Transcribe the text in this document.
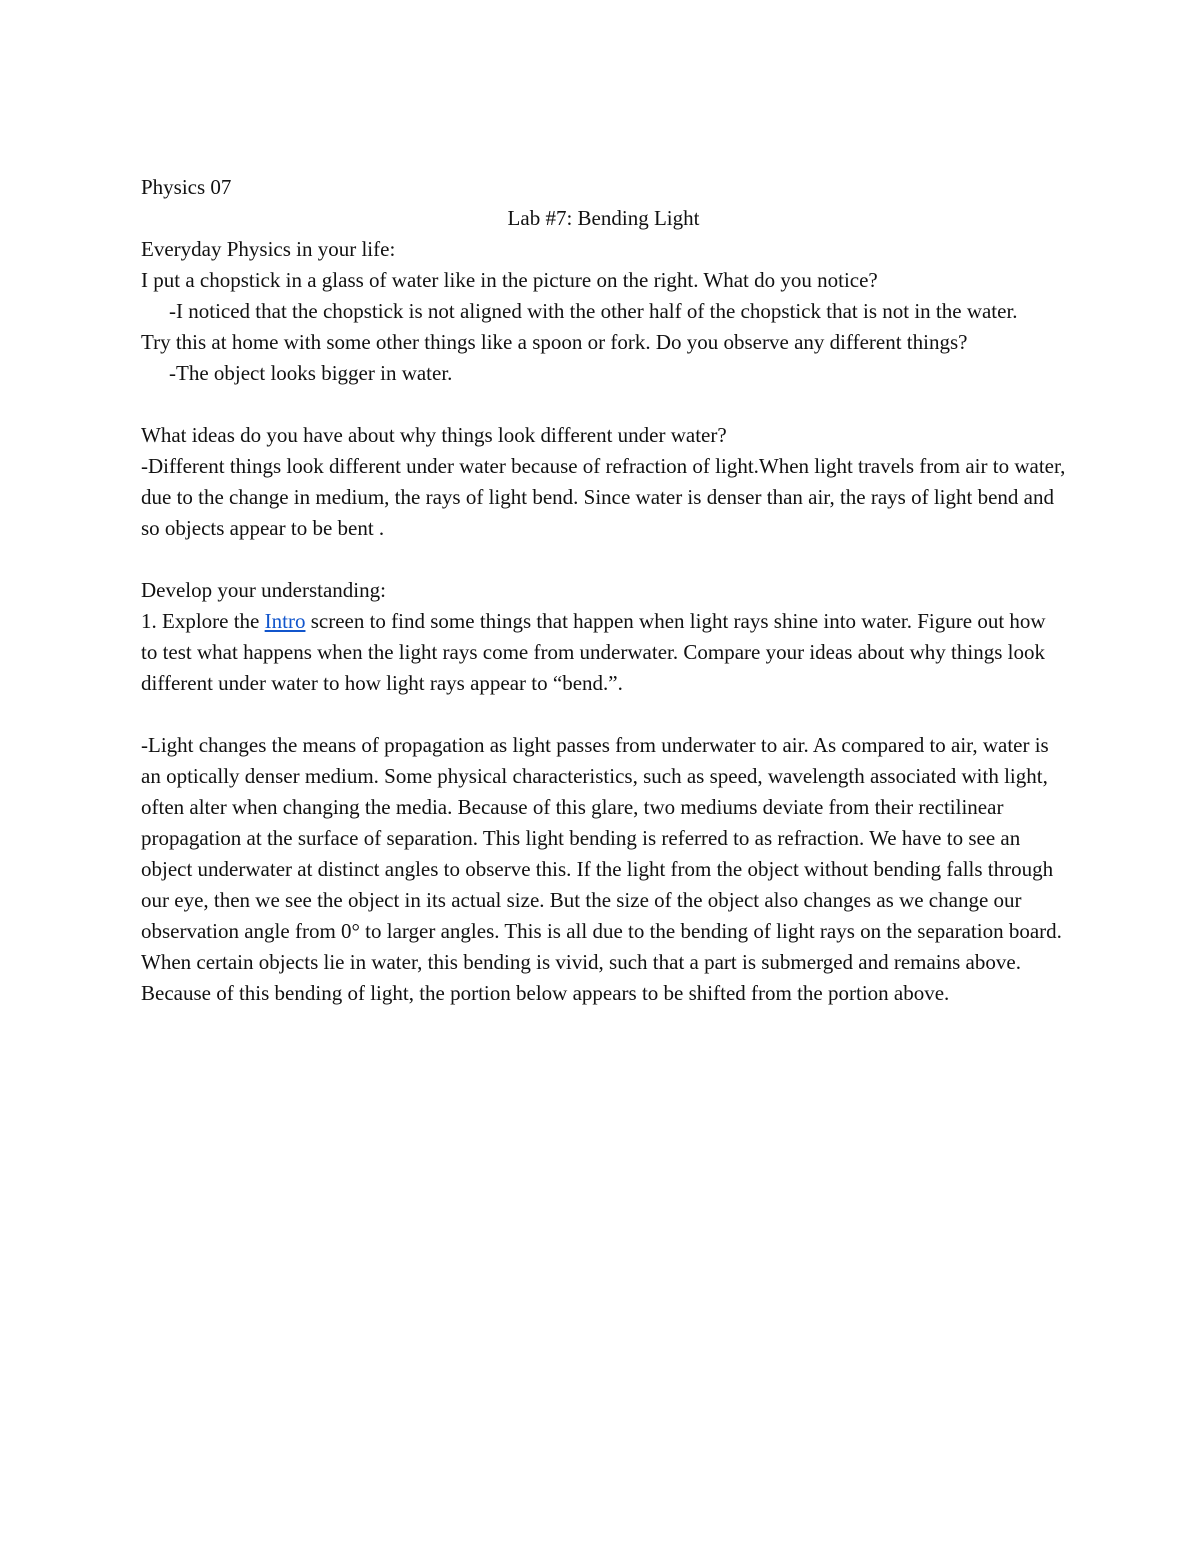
Physics 07

Lab #7: Bending Light

Everyday Physics in your life:

I put a chopstick in a glass of water like in the picture on the right. What do you notice?

-I noticed that the chopstick is not aligned with the other half of the chopstick that is not in the water.

Try this at home with some other things like a spoon or fork. Do you observe any different things?

-The object looks bigger in water.

What ideas do you have about why things look different under water?

-Different things look different under water because of refraction of light.When light travels from air to water, due to the change in medium, the rays of light bend. Since water is denser than air, the rays of light bend and so objects appear to be bent .

Develop your understanding:

1. Explore the Intro screen to find some things that happen when light rays shine into water. Figure out how to test what happens when the light rays come from underwater. Compare your ideas about why things look different under water to how light rays appear to “bend.”.

-Light changes the means of propagation as light passes from underwater to air. As compared to air, water is an optically denser medium. Some physical characteristics, such as speed, wavelength associated with light, often alter when changing the media. Because of this glare, two mediums deviate from their rectilinear propagation at the surface of separation. This light bending is referred to as refraction. We have to see an object underwater at distinct angles to observe this. If the light from the object without bending falls through our eye, then we see the object in its actual size. But the size of the object also changes as we change our observation angle from 0° to larger angles. This is all due to the bending of light rays on the separation board. When certain objects lie in water, this bending is vivid, such that a part is submerged and remains above. Because of this bending of light, the portion below appears to be shifted from the portion above.
